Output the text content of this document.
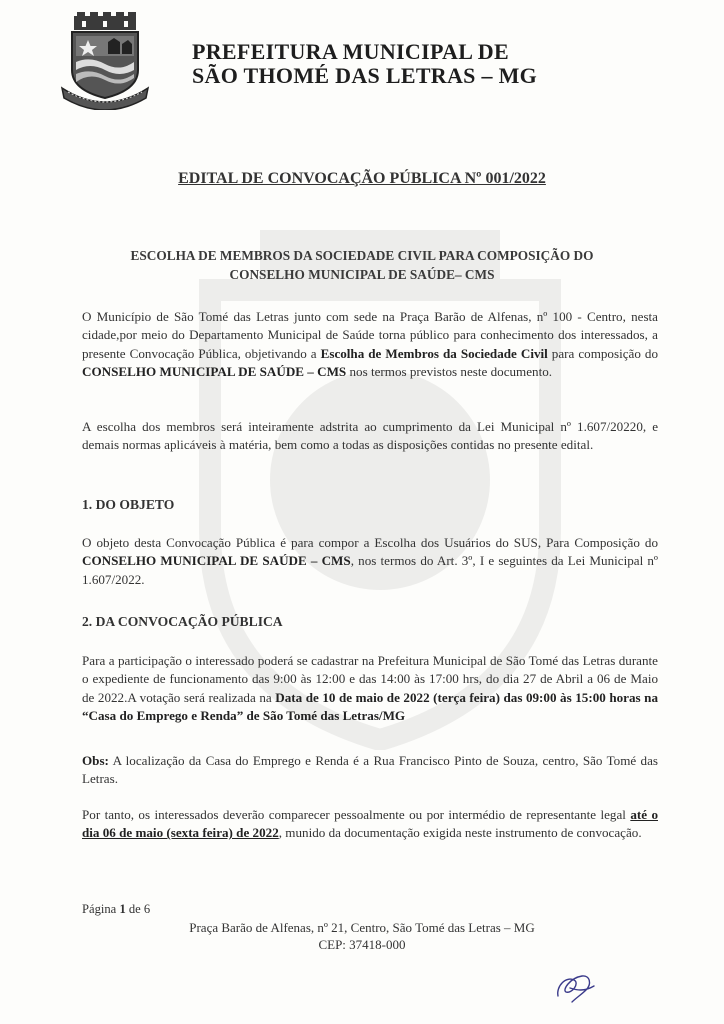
PREFEITURA MUNICIPAL DE
SÃO THOMÉ DAS LETRAS – MG
EDITAL DE CONVOCAÇÃO PÚBLICA Nº 001/2022
ESCOLHA DE MEMBROS DA SOCIEDADE CIVIL PARA COMPOSIÇÃO DO
CONSELHO MUNICIPAL DE SAÚDE– CMS

O Município de São Tomé das Letras junto com sede na Praça Barão de Alfenas, nº 100 - Centro, nesta cidade,por meio do Departamento Municipal de Saúde torna público para conhecimento dos interessados, a presente Convocação Pública, objetivando a Escolha de Membros da Sociedade Civil para composição do CONSELHO MUNICIPAL DE SAÚDE – CMS nos termos previstos neste documento.

A escolha dos membros será inteiramente adstrita ao cumprimento da Lei Municipal nº 1.607/20220, e demais normas aplicáveis à matéria, bem como a todas as disposições contidas no presente edital.

1. DO OBJETO

O objeto desta Convocação Pública é para compor a Escolha dos Usuários do SUS, Para Composição do CONSELHO MUNICIPAL DE SAÚDE – CMS, nos termos do Art. 3º, I e seguintes da Lei Municipal nº 1.607/2022.

2. DA CONVOCAÇÃO PÚBLICA

Para a participação o interessado poderá se cadastrar na Prefeitura Municipal de São Tomé das Letras durante o expediente de funcionamento das 9:00 às 12:00 e das 14:00 às 17:00 hrs, do dia 27 de Abril a 06 de Maio de 2022.A votação será realizada na Data de 10 de maio de 2022 (terça feira) das 09:00 às 15:00 horas na “Casa do Emprego e Renda” de São Tomé das Letras/MG

Obs: A localização da Casa do Emprego e Renda é a Rua Francisco Pinto de Souza, centro, São Tomé das Letras.

Por tanto, os interessados deverão comparecer pessoalmente ou por intermédio de representante legal até o dia 06 de maio (sexta feira) de 2022, munido da documentação exigida neste instrumento de convocação.

Página 1 de 6
Praça Barão de Alfenas, nº 21, Centro, São Tomé das Letras – MG
CEP: 37418-000
